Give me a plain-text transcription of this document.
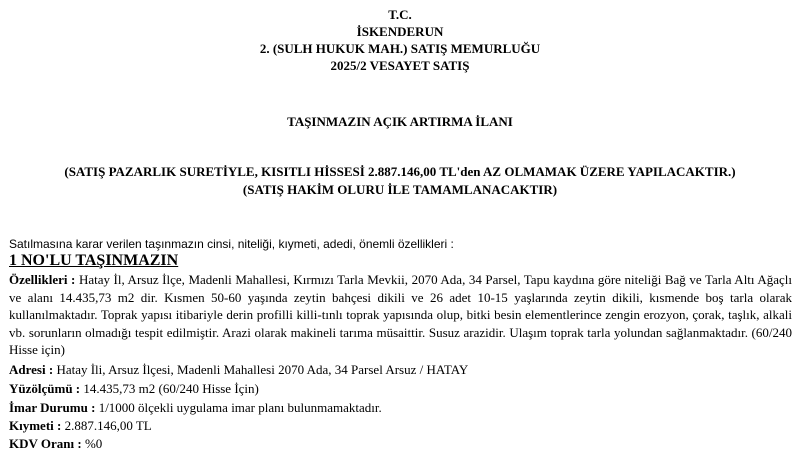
T.C.
İSKENDERUN
2. (SULH HUKUK MAH.) SATIŞ MEMURLUĞU
2025/2 VESAYET SATIŞ
TAŞINMAZIN AÇIK ARTIRMA İLANI
(SATIŞ PAZARLIK SURETİYLE, KISITLI HİSSESİ 2.887.146,00 TL'den AZ OLMAMAK ÜZERE YAPILACAKTIR.)
(SATIŞ HAKİM OLURU İLE TAMAMLANACAKTIR)
Satılmasına karar verilen taşınmazın cinsi, niteliği, kıymeti, adedi, önemli özellikleri :
1 NO'LU TAŞINMAZIN
Özellikleri : Hatay İl, Arsuz İlçe, Madenli Mahallesi, Kırmızı Tarla Mevkii, 2070 Ada, 34 Parsel, Tapu kaydına göre niteliği Bağ ve Tarla Altı Ağaçlı ve alanı 14.435,73 m2 dir. Kısmen 50-60 yaşında zeytin bahçesi dikili ve 26 adet 10-15 yaşlarında zeytin dikili, kısmende boş tarla olarak kullanılmaktadır. Toprak yapısı itibariyle derin profilli killi-tınlı toprak yapısında olup, bitki besin elementlerince zengin erozyon, çorak, taşlık, alkali vb. sorunların olmadığı tespit edilmiştir. Arazi olarak makineli tarıma müsaittir. Susuz arazidir. Ulaşım toprak tarla yolundan sağlanmaktadır. (60/240 Hisse için)
Adresi : Hatay İli, Arsuz İlçesi, Madenli Mahallesi 2070 Ada, 34 Parsel Arsuz / HATAY
Yüzölçümü : 14.435,73 m2 (60/240 Hisse İçin)
İmar Durumu : 1/1000 ölçekli uygulama imar planı bulunmamaktadır.
Kıymeti : 2.887.146,00 TL
KDV Oranı : %0
